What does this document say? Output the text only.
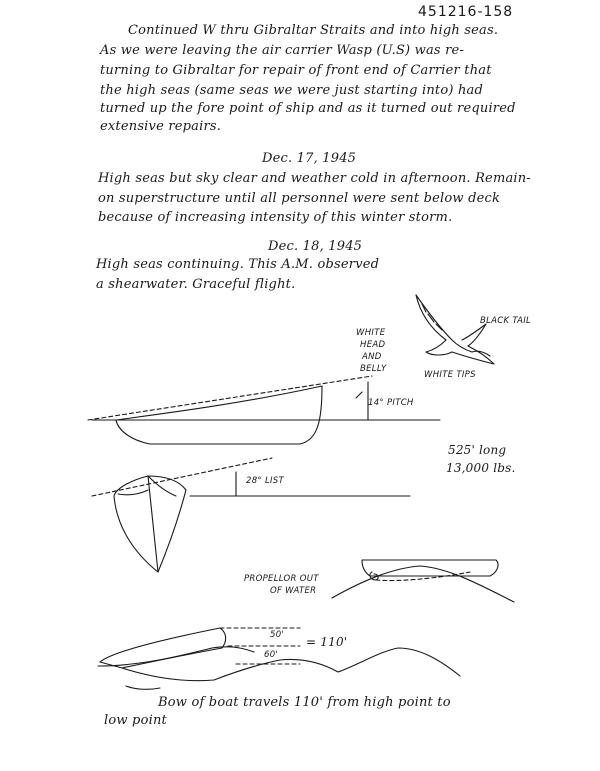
451216-158
Continued W thru Gibraltar Straits and into high seas.
As we were leaving the air carrier Wasp (U.S) was re-
turning to Gibraltar for repair of front end of Carrier that
the high seas (same seas we were just starting into) had
turned up the fore point of ship and as it turned out required
extensive repairs.
Dec. 17, 1945
High seas but sky clear and weather cold in afternoon. Remain-
on superstructure until all personnel were sent below deck
because of increasing intensity of this winter storm.
Dec. 18, 1945
High seas continuing. This A.M. observed
a shearwater. Graceful flight.
BLACK TAIL
WHITE
HEAD
AND
BELLY
WHITE TIPS
14° PITCH
525' long
13,000 lbs.
28° LIST
PROPELLOR OUT
OF WATER
50'
60'
= 110'
Bow of boat travels 110' from high point to
low point
